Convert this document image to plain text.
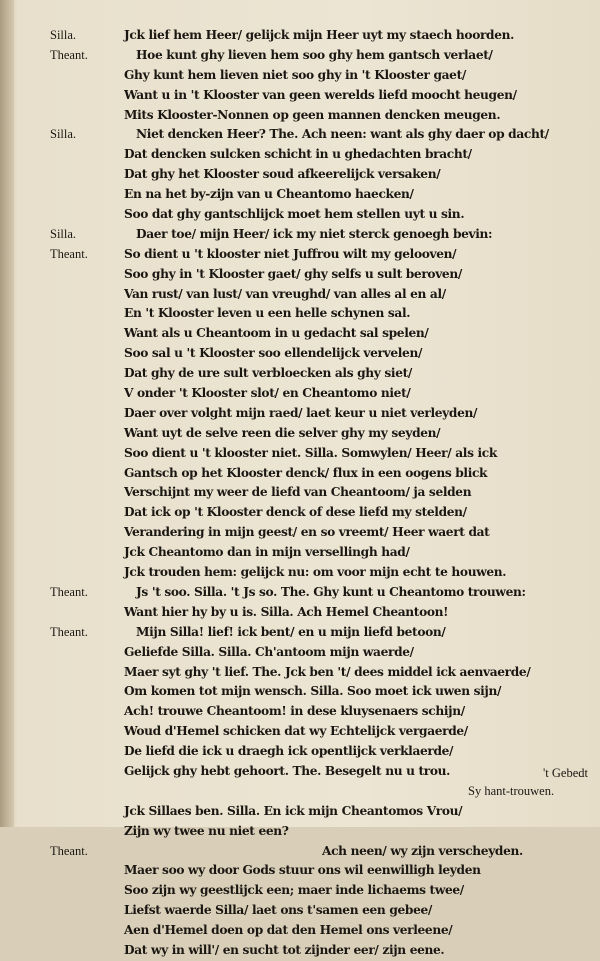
Silla.	Jck lief hem Heer/ gelijck mijn Heer uyt my staech hoorden.
Theant.	Hoe kunt ghy lieven hem soo ghy hem gantsch verlaet/
Ghy kunt hem lieven niet soo ghy in 't Klooster gaet/
Want u in 't Klooster van geen werelds liefd moocht heugen/
Mits Klooster-Nonnen op geen mannen dencken meugen.
Silla.	Niet dencken Heer? The. Ach neen: want als ghy daer op dacht/
Dat dencken sulcken schicht in u ghedachten bracht/
Dat ghy het Klooster soud afkeerelijck versaken/
En na het by-zijn van u Cheantomo haecken/
Soo dat ghy gantschlijck moet hem stellen uyt u sin.
Silla.	Daer toe/ mijn Heer/ ick my niet sterck genoegh bevin:
Theant.	So dient u 't klooster niet Juffrou wilt my gelooven/
Soo ghy in 't Klooster gaet/ ghy selfs u sult beroven/
Van rust/ van lust/ van vreughd/ van alles al en al/
En 't Klooster leven u een helle schynen sal.
Want als u Cheantoom in u gedacht sal spelen/
Soo sal u 't Klooster soo ellendelijck vervelen/
Dat ghy de ure sult verbloecken als ghy siet/
V onder 't Klooster slot/ en Cheantomo niet/
Daer over volght mijn raed/ laet keur u niet verleyden/
Want uyt de selve reen die selver ghy my seyden/
Soo dient u 't klooster niet. Silla. Somwylen/ Heer/ als ick
Gantsch op het Klooster denck/ flux in een oogens blick
Verschijnt my weer de liefd van Cheantoom/ ja selden
Dat ick op 't Klooster denck of dese liefd my stelden/
Verandering in mijn geest/ en so vreemt/ Heer waert dat
Jck Cheantomo dan in mijn versellingh had/
Jck trouden hem: gelijck nu: om voor mijn echt te houwen.
Theant.	Js 't soo. Silla. 't Js so. The. Ghy kunt u Cheantomo trouwen:
Want hier hy by u is. Silla. Ach Hemel Cheantoon!
Theant.	Mijn Silla! lief! ick bent/ en u mijn liefd betoon/
Geliefde Silla. Silla. Ch'antoom mijn waerde/
Maer syt ghy 't lief. The. Jck ben 't/ dees middel ick aenvaerde/
Om komen tot mijn wensch. Silla. Soo moet ick uwen sijn/
Ach! trouwe Cheantoom! in dese kluysenaers schijn/
Woud d'Hemel schicken dat wy Echtelijck vergaerde/
De liefd die ick u draegh ick opentlijck verklaerde/
Gelijck ghy hebt gehoort. The. Besegelt nu u trou.
Sy hant-trouwen.
Jck Sillaes ben. Silla. En ick mijn Cheantomos Vrou/
Zijn wy twee nu niet een?
Theant.	Ach neen/ wy zijn verscheyden.
Maer soo wy door Gods stuur ons wil eenwilligh leyden
Soo zijn wy geestlijck een; maer inde lichaems twee/
Liefst waerde Silla/ laet ons t'samen een gebee/
Aen d'Hemel doen op dat den Hemel ons verleene/
Dat wy in will'/ en sucht tot zijnder eer/ zijn eene.
't Gebedt
